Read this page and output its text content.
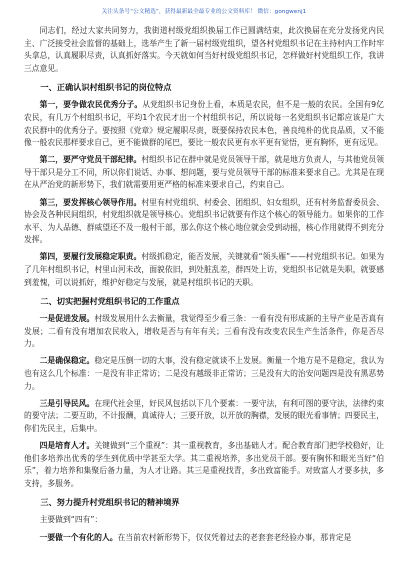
关注头条号“公文精选”，获得最新最全最专业的公文资料库！ 微信：gongwenj1

同志们，经过大家共同努力，我街道村级党组织换届工作已圆满结束，此次换届在充分发扬党内民主、广泛接受社会监督的基础上，选举产生了新一届村级党组织，望各村党组织书记在主持村内工作时牢头拿总，认真履职尽责，认真抓好落实。今天就如何当好村级党组织书记，怎样做好村党组织工作，我讲三点意见。

一、正确认识村组织书记的岗位特点

第一，要争做农民优秀分子。从党组织书记身份上看，本质是农民，但不是一般的农民。全国有9亿农民，有几万个村组织书记，平均1个农民才出一个村组织书记，所以说每一名党组织书记都应该是广大农民群中的优秀分子。要按照《党章》规定履职尽责，既要保持农民本色，善良纯朴的优良品质，又不能像一般农民那样要求自己，更不能做群的尾巴，要比一般农民更有水平更有觉悟，更有胸怀，更有远见。

第二，要严守党员干部纪律。村组织书记在群中就是党员领导干部，就是地方负责人，与其他党员领导干部只是分工不同，所以你们说话、办事、想问题，要与党员领导干部的标准来要求自己。尤其是在现在从严治党的新形势下，我们就需要用更严格的标准来要求自己，约束自己。

第三，要发挥核心领导作用。村里有村党组织、村委会、团组织、妇女组织，还有村务监督委员会、协会及各种民间组织，村党组织就是领导核心。党组织书记就要有作这个核心的领导能力。如果你的工作水平、为人品德、群威望还不及一般村干部，那么你这个核心地位就会受到动摇，核心作用就得不到充分发挥。

第四，要履行发展稳定职责。村级抓稳定，能否发展，关键就看“领头雁”——村党组织书记。如果为了几年村组织书记，村里山河未改，面貌依旧，到处脏乱差，群四处上访，党组织书记就是失职，就要感到羞愧，可以说抓好，维护好稳定与发展，就是村组织书记的天职。

二、切实把握村党组织书记的工作重点

一是促进发展。村级发展用什么去衡量，我觉得至少看三条：一看有没有形成新的主导产业是否真有发展；二看有没有增加农民收入，增收是否与有年有关；三看有没有改变农民生产生活条件，你是否尽力。

二是确保稳定。稳定是压倒一切的大事，没有稳定就谈不上发展。衡量一个地方是不是稳定，我认为也有这么几个标准：一是没有非正常访；二是没有越级非正常访；三是没有大的治安问题四是没有黑恶势力。

三是引导民风。在现代社会里，好民风包括以下几个要素：一要守法，有利可图的要守法，法律约束的要守法；二要互助，不计报酬，真诚待人；三要开放，以开放的胸襟，发展的眼光看事情；四要民主，你们先民主，后集中。

四是培育人才。关键做到“三个重视”：其一重视教育，多出基础人才。配合教育部门把学校稳好，让他们多培养出优秀的学生到优质中学甚至大学。其二重视培养，多出党员干部。要有胸怀和眼光当好“伯乐”，着力培养和集聚后备力量，为人才让路。其三是重视找青，多出致富能手。对致富人才要多扶，多支持，多服务。

三、努力提升村党组织书记的精神境界

主要做到“四有”：

一要做一个有化的人。在当前农村新形势下，仅仅凭着过去的老套套老经验办事，那肯定是
